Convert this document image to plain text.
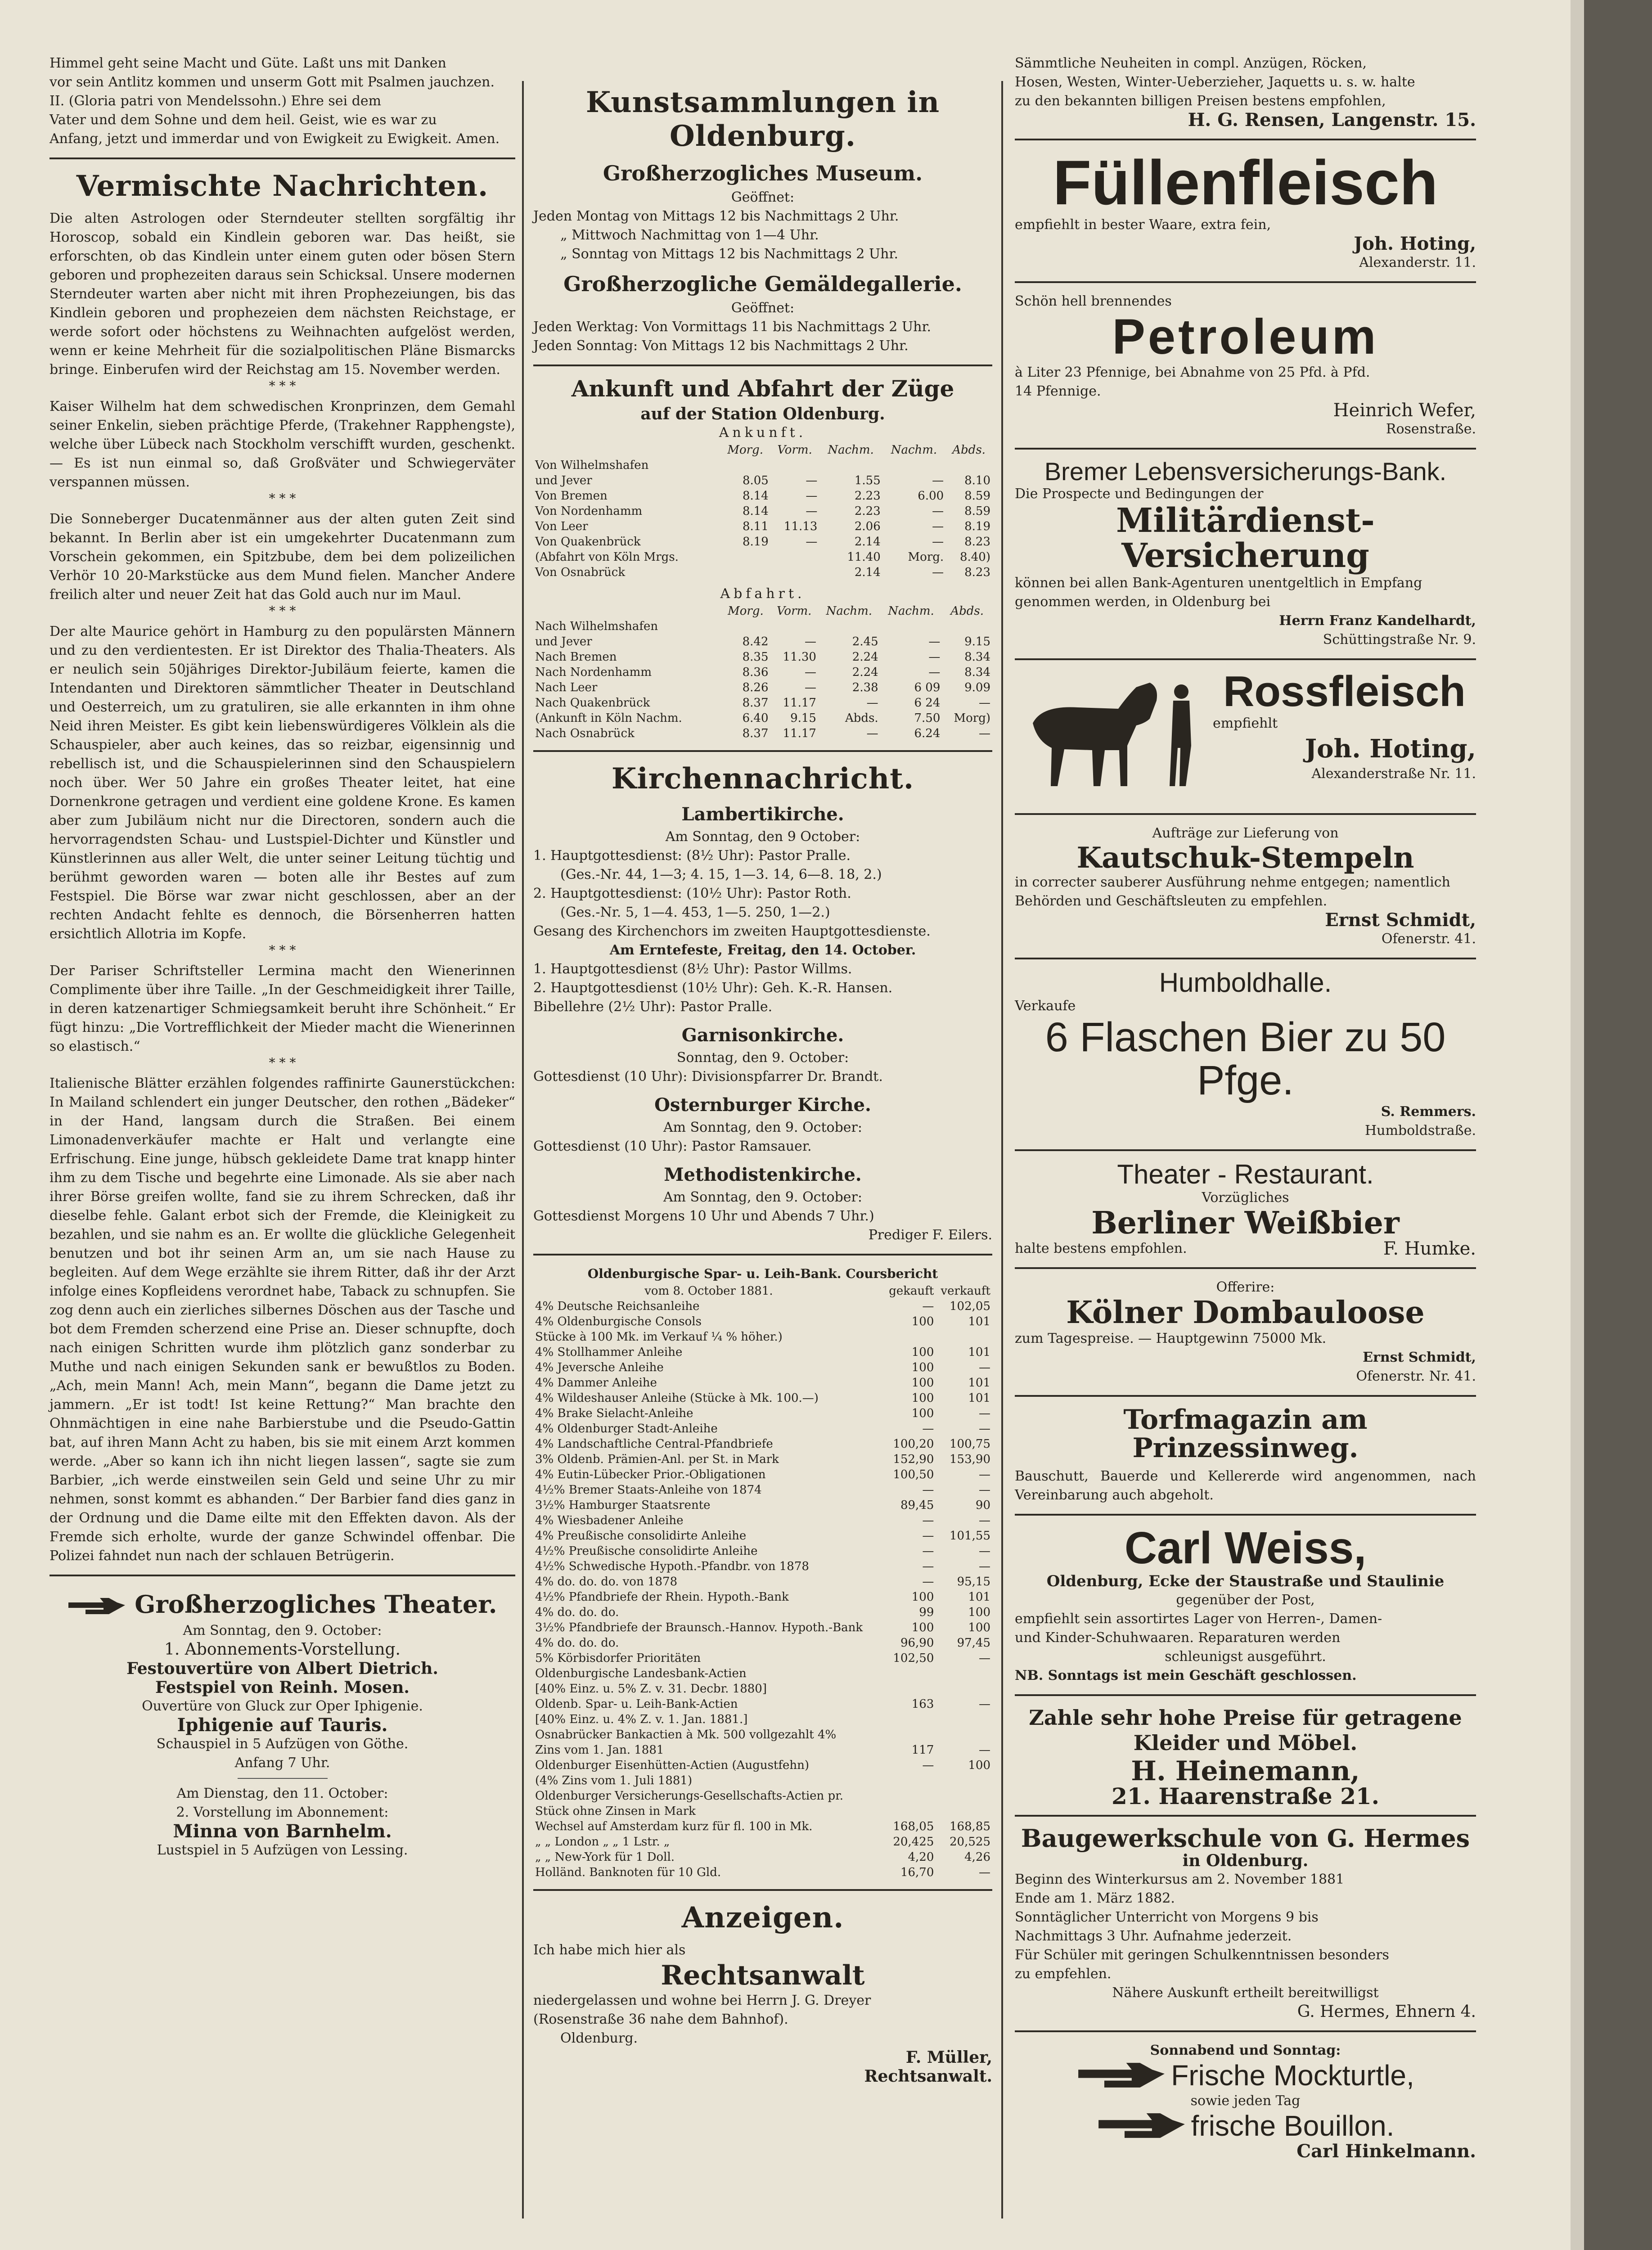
Himmel geht seine Macht und Güte. Laßt uns mit Danken

vor sein Antlitz kommen und unserm Gott mit Psalmen jauchzen.

II. (Gloria patri von Mendelssohn.) Ehre sei dem

Vater und dem Sohne und dem heil. Geist, wie es war zu

Anfang, jetzt und immerdar und von Ewigkeit zu Ewigkeit. Amen.

Vermischte Nachrichten.

Die alten Astrologen oder Sterndeuter stellten sorgfältig ihr Horoscop, sobald ein Kindlein geboren war. Das heißt, sie erforschten, ob das Kindlein unter einem guten oder bösen Stern geboren und prophezeiten daraus sein Schicksal. Unsere modernen Sterndeuter warten aber nicht mit ihren Prophezeiungen, bis das Kindlein geboren und prophezeien dem nächsten Reichstage, er werde sofort oder höchstens zu Weihnachten aufgelöst werden, wenn er keine Mehrheit für die sozialpolitischen Pläne Bismarcks bringe. Einberufen wird der Reichstag am 15. November werden.

* * *

Kaiser Wilhelm hat dem schwedischen Kronprinzen, dem Gemahl seiner Enkelin, sieben prächtige Pferde, (Trakehner Rapphengste), welche über Lübeck nach Stockholm verschifft wurden, geschenkt. — Es ist nun einmal so, daß Großväter und Schwiegerväter verspannen müssen.

* * *

Die Sonneberger Ducatenmänner aus der alten guten Zeit sind bekannt. In Berlin aber ist ein umgekehrter Ducatenmann zum Vorschein gekommen, ein Spitzbube, dem bei dem polizeilichen Verhör 10 20-Markstücke aus dem Mund fielen. Mancher Andere freilich alter und neuer Zeit hat das Gold auch nur im Maul.

* * *

Der alte Maurice gehört in Hamburg zu den populärsten Männern und zu den verdientesten. Er ist Direktor des Thalia-Theaters. Als er neulich sein 50jähriges Direktor-Jubiläum feierte, kamen die Intendanten und Direktoren sämmtlicher Theater in Deutschland und Oesterreich, um zu gratuliren, sie alle erkannten in ihm ohne Neid ihren Meister. Es gibt kein liebenswürdigeres Völklein als die Schauspieler, aber auch keines, das so reizbar, eigensinnig und rebellisch ist, und die Schauspielerinnen sind den Schauspielern noch über. Wer 50 Jahre ein großes Theater leitet, hat eine Dornenkrone getragen und verdient eine goldene Krone. Es kamen aber zum Jubiläum nicht nur die Directoren, sondern auch die hervorragendsten Schau- und Lustspiel-Dichter und Künstler und Künstlerinnen aus aller Welt, die unter seiner Leitung tüchtig und berühmt geworden waren — boten alle ihr Bestes auf zum Festspiel. Die Börse war zwar nicht geschlossen, aber an der rechten Andacht fehlte es dennoch, die Börsenherren hatten ersichtlich Allotria im Kopfe.

* * *

Der Pariser Schriftsteller Lermina macht den Wienerinnen Complimente über ihre Taille. „In der Geschmeidigkeit ihrer Taille, in deren katzenartiger Schmiegsamkeit beruht ihre Schönheit.“ Er fügt hinzu: „Die Vortrefflichkeit der Mieder macht die Wienerinnen so elastisch.“

* * *

Italienische Blätter erzählen folgendes raffinirte Gaunerstückchen: In Mailand schlendert ein junger Deutscher, den rothen „Bädeker“ in der Hand, langsam durch die Straßen. Bei einem Limonadenverkäufer machte er Halt und verlangte eine Erfrischung. Eine junge, hübsch gekleidete Dame trat knapp hinter ihm zu dem Tische und begehrte eine Limonade. Als sie aber nach ihrer Börse greifen wollte, fand sie zu ihrem Schrecken, daß ihr dieselbe fehle. Galant erbot sich der Fremde, die Kleinigkeit zu bezahlen, und sie nahm es an. Er wollte die glückliche Gelegenheit benutzen und bot ihr seinen Arm an, um sie nach Hause zu begleiten. Auf dem Wege erzählte sie ihrem Ritter, daß ihr der Arzt infolge eines Kopfleidens verordnet habe, Taback zu schnupfen. Sie zog denn auch ein zierliches silbernes Döschen aus der Tasche und bot dem Fremden scherzend eine Prise an. Dieser schnupfte, doch nach einigen Schritten wurde ihm plötzlich ganz sonderbar zu Muthe und nach einigen Sekunden sank er bewußtlos zu Boden. „Ach, mein Mann! Ach, mein Mann“, begann die Dame jetzt zu jammern. „Er ist todt! Ist keine Rettung?“ Man brachte den Ohnmächtigen in eine nahe Barbierstube und die Pseudo-Gattin bat, auf ihren Mann Acht zu haben, bis sie mit einem Arzt kommen werde. „Aber so kann ich ihn nicht liegen lassen“, sagte sie zum Barbier, „ich werde einstweilen sein Geld und seine Uhr zu mir nehmen, sonst kommt es abhanden.“ Der Barbier fand dies ganz in der Ordnung und die Dame eilte mit den Effekten davon. Als der Fremde sich erholte, wurde der ganze Schwindel offenbar. Die Polizei fahndet nun nach der schlauen Betrügerin.

Großherzogliches Theater.
Am Sonntag, den 9. October:
1. Abonnements-Vorstellung.
Festouvertüre von Albert Dietrich.
Festspiel von Reinh. Mosen.
Ouvertüre von Gluck zur Oper Iphigenie.
Iphigenie auf Tauris.
Schauspiel in 5 Aufzügen von Göthe.
Anfang 7 Uhr.
Am Dienstag, den 11. October:
2. Vorstellung im Abonnement:
Minna von Barnhelm.
Lustspiel in 5 Aufzügen von Lessing.
Kunstsammlungen in Oldenburg.
Großherzogliches Museum.
Geöffnet:
Jeden Montag von Mittags 12 bis Nachmittags 2 Uhr.
„ Mittwoch Nachmittag von 1—4 Uhr.
„ Sonntag von Mittags 12 bis Nachmittags 2 Uhr.
Großherzogliche Gemäldegallerie.
Geöffnet:
Jeden Werktag: Von Vormittags 11 bis Nachmittags 2 Uhr.
Jeden Sonntag: Von Mittags 12 bis Nachmittags 2 Uhr.
Ankunft und Abfahrt der Züge
auf der Station Oldenburg.
Ankunft.
	Morg.	Vorm.	Nachm.	Nachm.	Abds.
Von Wilhelmshafen					
und Jever	8.05	—	1.55	—	8.10
Von Bremen	8.14	—	2.23	6.00	8.59
Von Nordenhamm	8.14	—	2.23	—	8.59
Von Leer	8.11	11.13	2.06	—	8.19
Von Quakenbrück	8.19	—	2.14	—	8.23
(Abfahrt von Köln Mrgs.			11.40	Morg.	8.40)
Von Osnabrück			2.14	—	8.23
Abfahrt.
	Morg.	Vorm.	Nachm.	Nachm.	Abds.
Nach Wilhelmshafen					
und Jever	8.42	—	2.45	—	9.15
Nach Bremen	8.35	11.30	2.24	—	8.34
Nach Nordenhamm	8.36	—	2.24	—	8.34
Nach Leer	8.26	—	2.38	6 09	9.09
Nach Quakenbrück	8.37	11.17	—	6 24	—
(Ankunft in Köln Nachm.	6.40	9.15	Abds.	7.50	Morg)
Nach Osnabrück	8.37	11.17	—	6.24	—
Kirchennachricht.
Lambertikirche.
Am Sonntag, den 9 October:
1. Hauptgottesdienst: (8½ Uhr): Pastor Pralle.
(Ges.-Nr. 44, 1—3; 4. 15, 1—3. 14, 6—8. 18, 2.)
2. Hauptgottesdienst: (10½ Uhr): Pastor Roth.
(Ges.-Nr. 5, 1—4. 453, 1—5. 250, 1—2.)
Gesang des Kirchenchors im zweiten Hauptgottesdienste.
Am Erntefeste, Freitag, den 14. October.
1. Hauptgottesdienst (8½ Uhr): Pastor Willms.
2. Hauptgottesdienst (10½ Uhr): Geh. K.-R. Hansen.
Bibellehre (2½ Uhr): Pastor Pralle.
Garnisonkirche.
Sonntag, den 9. October:
Gottesdienst (10 Uhr): Divisionspfarrer Dr. Brandt.
Osternburger Kirche.
Am Sonntag, den 9. October:
Gottesdienst (10 Uhr): Pastor Ramsauer.
Methodistenkirche.
Am Sonntag, den 9. October:
Gottesdienst Morgens 10 Uhr und Abends 7 Uhr.)
Prediger F. Eilers.
Oldenburgische Spar- u. Leih-Bank. Coursbericht
vom 8. October 1881.	gekauft	verkauft
4% Deutsche Reichsanleihe	—	102,05
4% Oldenburgische Consols	100	101
Stücke à 100 Mk. im Verkauf ¼ % höher.)		
4% Stollhammer Anleihe	100	101
4% Jeversche Anleihe	100	—
4% Dammer Anleihe	100	101
4% Wildeshauser Anleihe (Stücke à Mk. 100.—)	100	101
4% Brake Sielacht-Anleihe	100	—
4% Oldenburger Stadt-Anleihe	—	—
4% Landschaftliche Central-Pfandbriefe	100,20	100,75
3% Oldenb. Prämien-Anl. per St. in Mark	152,90	153,90
4% Eutin-Lübecker Prior.-Obligationen	100,50	—
4½% Bremer Staats-Anleihe von 1874	—	—
3½% Hamburger Staatsrente	89,45	90
4% Wiesbadener Anleihe	—	—
4% Preußische consolidirte Anleihe	—	101,55
4½% Preußische consolidirte Anleihe	—	—
4½% Schwedische Hypoth.-Pfandbr. von 1878	—	—
4% do. do. do. von 1878	—	95,15
4½% Pfandbriefe der Rhein. Hypoth.-Bank	100	101
4% do. do. do.	99	100
3½% Pfandbriefe der Braunsch.-Hannov. Hypoth.-Bank	100	100
4% do. do. do.	96,90	97,45
5% Körbisdorfer Prioritäten	102,50	—
Oldenburgische Landesbank-Actien		
[40% Einz. u. 5% Z. v. 31. Decbr. 1880]		
Oldenb. Spar- u. Leih-Bank-Actien	163	—
[40% Einz. u. 4% Z. v. 1. Jan. 1881.]		
Osnabrücker Bankactien à Mk. 500 vollgezahlt 4%		
Zins vom 1. Jan. 1881	117	—
Oldenburger Eisenhütten-Actien (Augustfehn)	—	100
(4% Zins vom 1. Juli 1881)		
Oldenburger Versicherungs-Gesellschafts-Actien pr.		
Stück ohne Zinsen in Mark		
Wechsel auf Amsterdam kurz für fl. 100 in Mk.	168,05	168,85
„ „ London „ „ 1 Lstr. „	20,425	20,525
„ „ New-York für 1 Doll.	4,20	4,26
Holländ. Banknoten für 10 Gld.	16,70	—
Anzeigen.
Ich habe mich hier als
Rechtsanwalt
niedergelassen und wohne bei Herrn J. G. Dreyer
(Rosenstraße 36 nahe dem Bahnhof).
Oldenburg.
F. Müller,
Rechtsanwalt.
Sämmtliche Neuheiten in compl. Anzügen, Röcken,
Hosen, Westen, Winter-Ueberzieher, Jaquetts u. s. w. halte
zu den bekannten billigen Preisen bestens empfohlen,
H. G. Rensen, Langenstr. 15.
Füllenfleisch
empfiehlt in bester Waare, extra fein,
Joh. Hoting,
Alexanderstr. 11.
Schön hell brennendes
Petroleum
à Liter 23 Pfennige, bei Abnahme von 25 Pfd. à Pfd.
14 Pfennige.
Heinrich Wefer,
Rosenstraße.
Bremer Lebensversicherungs-Bank.
Die Prospecte und Bedingungen der
Militärdienst-Versicherung
können bei allen Bank-Agenturen unentgeltlich in Empfang
genommen werden, in Oldenburg bei
Herrn Franz Kandelhardt,
Schüttingstraße Nr. 9.
Rossfleisch
empfiehlt
Joh. Hoting,
Alexanderstraße Nr. 11.
Aufträge zur Lieferung von
Kautschuk-Stempeln
in correcter sauberer Ausführung nehme entgegen; namentlich
Behörden und Geschäftsleuten zu empfehlen.
Ernst Schmidt,
Ofenerstr. 41.
Humboldhalle.
Verkaufe
6 Flaschen Bier zu 50 Pfge.
S. Remmers.
Humboldstraße.
Theater - Restaurant.
Vorzügliches
Berliner Weißbier
halte bestens empfohlen.	F. Humke.
Offerire:
Kölner Dombauloose
zum Tagespreise. — Hauptgewinn 75000 Mk.
Ernst Schmidt,
Ofenerstr. Nr. 41.
Torfmagazin am Prinzessinweg.
Bauschutt, Bauerde und Kellererde wird angenommen, nach Vereinbarung auch abgeholt.
Carl Weiss,
Oldenburg, Ecke der Staustraße und Staulinie
gegenüber der Post,
empfiehlt sein assortirtes Lager von Herren-, Damen-
und Kinder-Schuhwaaren. Reparaturen werden
schleunigst ausgeführt.
NB. Sonntags ist mein Geschäft geschlossen.
Zahle sehr hohe Preise für getragene Kleider und Möbel.
H. Heinemann,
21. Haarenstraße 21.
Baugewerkschule von G. Hermes
in Oldenburg.
Beginn des Winterkursus am 2. November 1881
Ende am 1. März 1882.
Sonntäglicher Unterricht von Morgens 9 bis
Nachmittags 3 Uhr. Aufnahme jederzeit.
Für Schüler mit geringen Schulkenntnissen besonders
zu empfehlen.
Nähere Auskunft ertheilt bereitwilligst
G. Hermes, Ehnern 4.
Sonnabend und Sonntag:
Frische Mockturtle,
sowie jeden Tag
frische Bouillon.
Carl Hinkelmann.
